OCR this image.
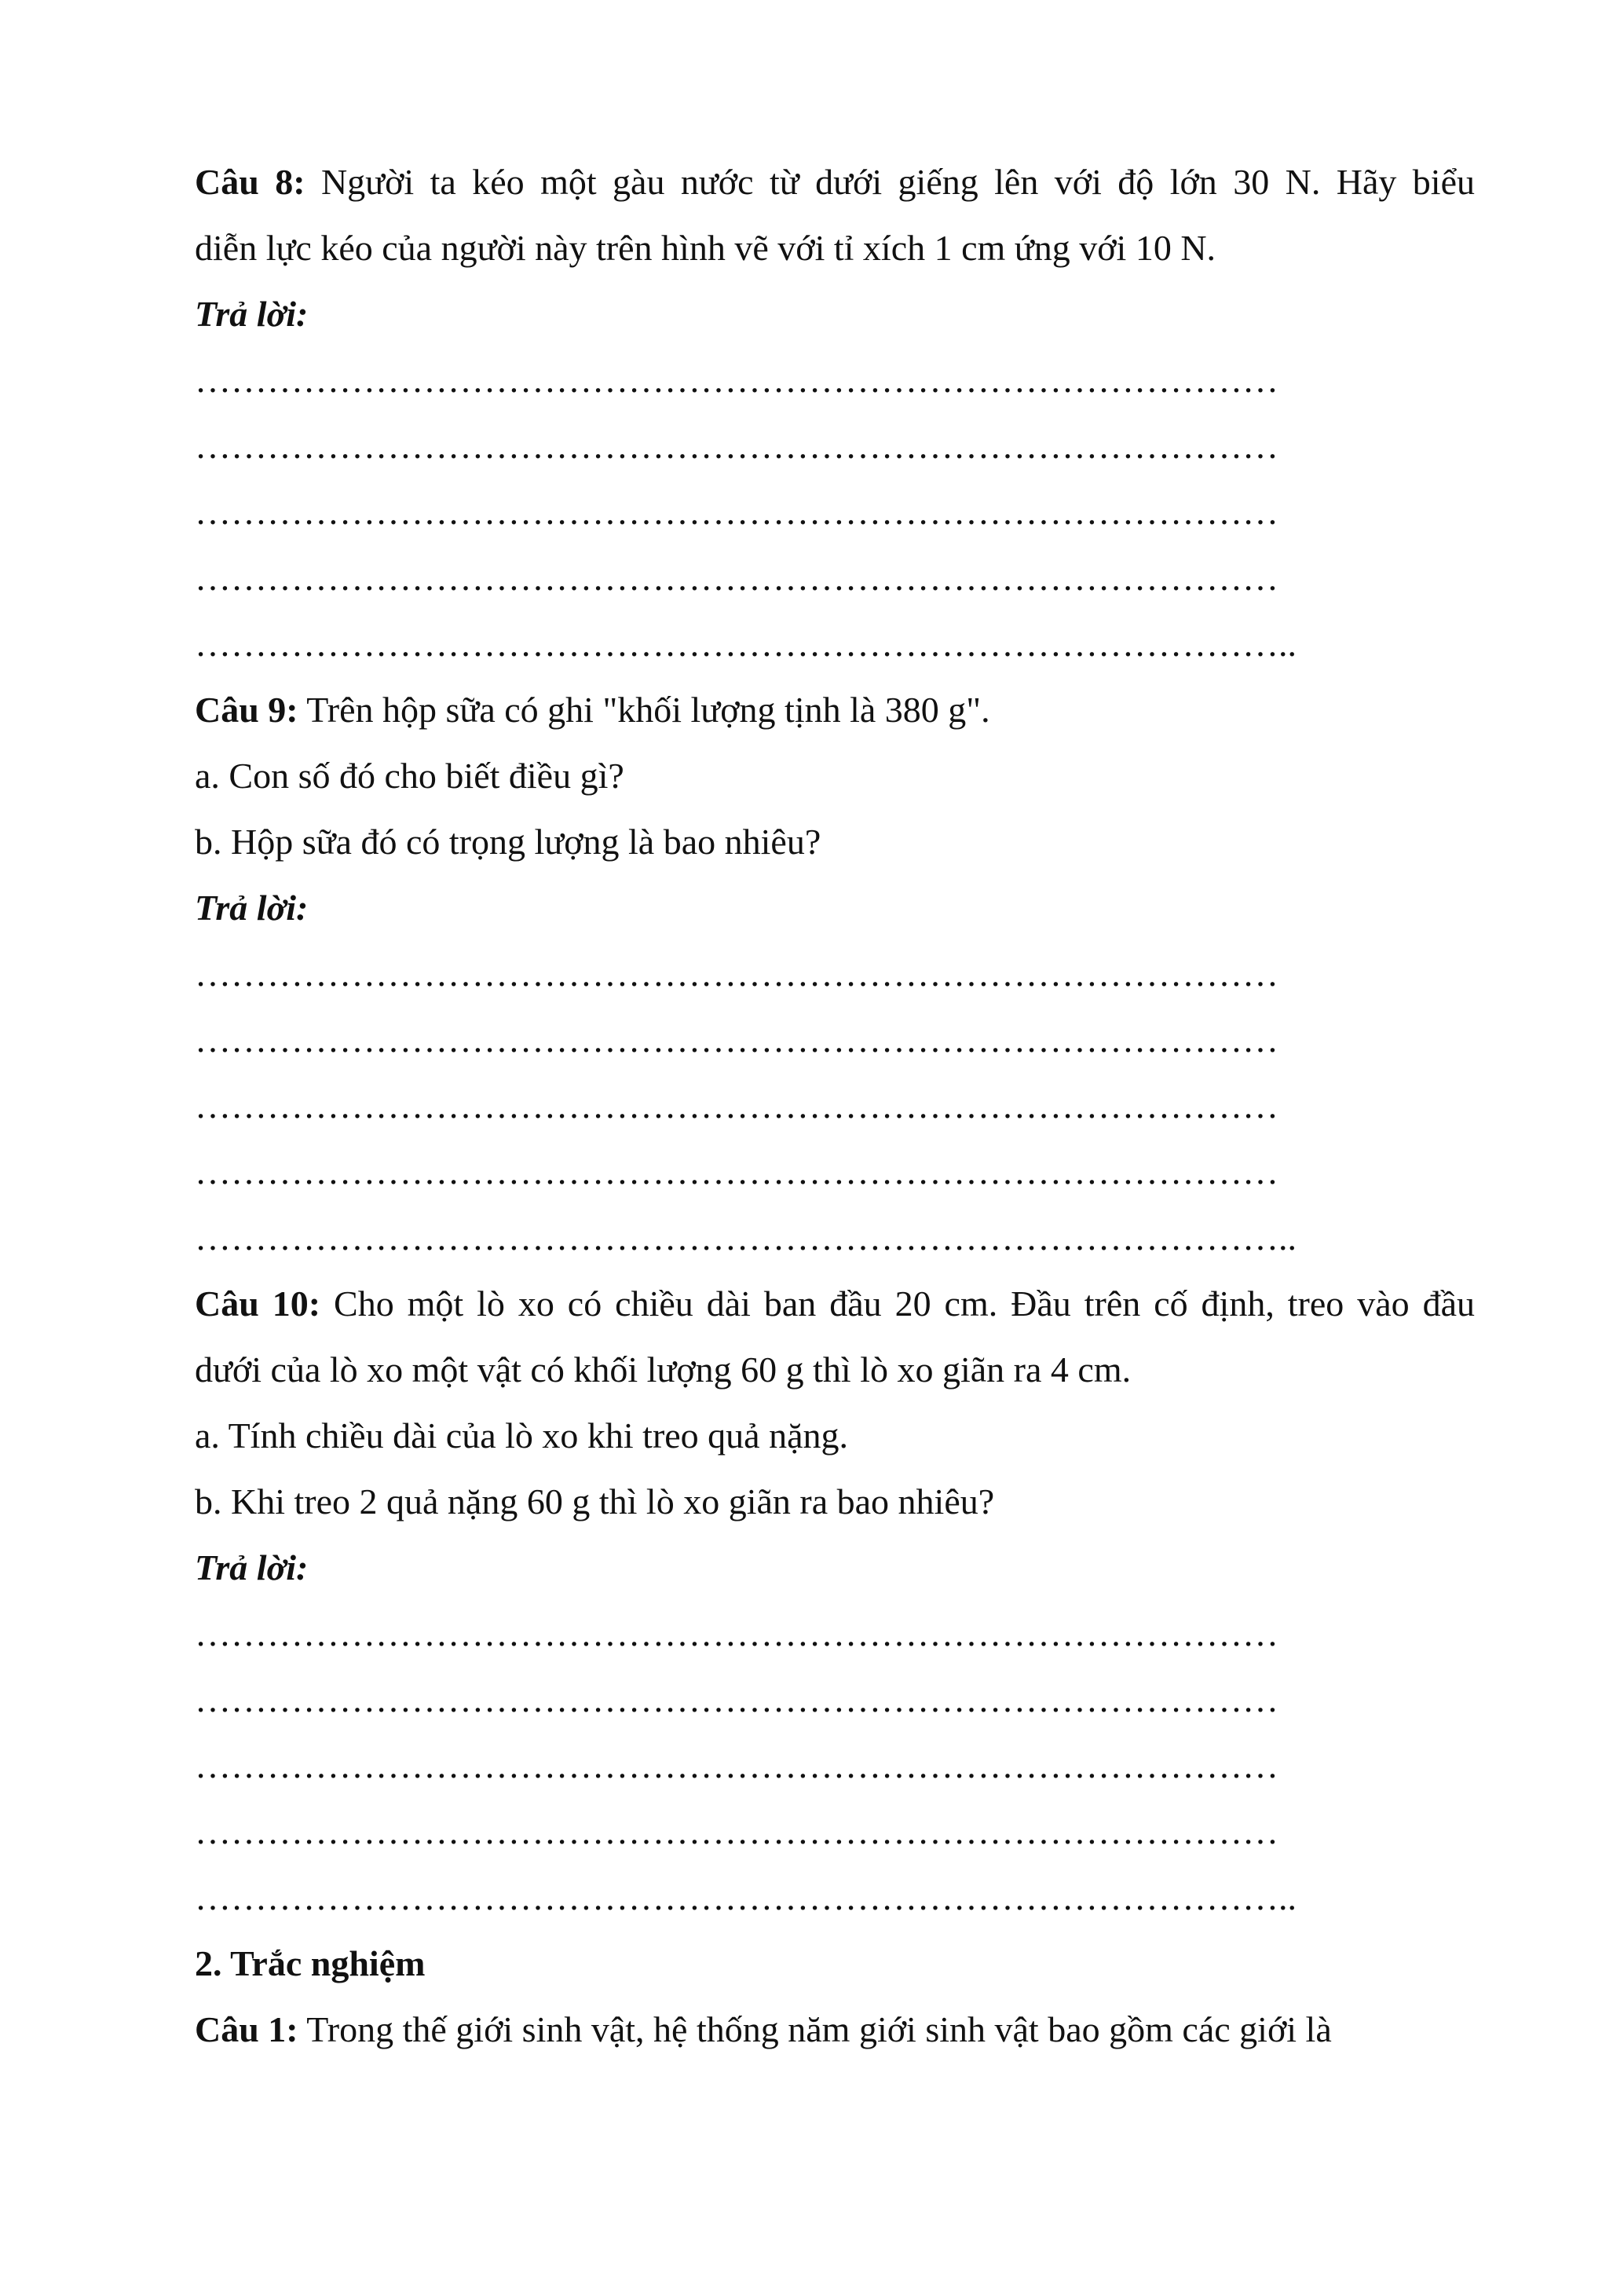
Câu 8: Người ta kéo một gàu nước từ dưới giếng lên với độ lớn 30 N. Hãy biểu
diễn lực kéo của người này trên hình vẽ với tỉ xích 1 cm ứng với 10 N.
Trả lời:
………………………………………………………………………………
………………………………………………………………………………
………………………………………………………………………………
………………………………………………………………………………
………………………………………………………………………………..
Câu 9: Trên hộp sữa có ghi "khối lượng tịnh là 380 g".
a. Con số đó cho biết điều gì?
b. Hộp sữa đó có trọng lượng là bao nhiêu?
Trả lời:
………………………………………………………………………………
………………………………………………………………………………
………………………………………………………………………………
………………………………………………………………………………
………………………………………………………………………………..
Câu 10: Cho một lò xo có chiều dài ban đầu 20 cm. Đầu trên cố định, treo vào đầu
dưới của lò xo một vật có khối lượng 60 g thì lò xo giãn ra 4 cm.
a. Tính chiều dài của lò xo khi treo quả nặng.
b. Khi treo 2 quả nặng 60 g thì lò xo giãn ra bao nhiêu?
Trả lời:
………………………………………………………………………………
………………………………………………………………………………
………………………………………………………………………………
………………………………………………………………………………
………………………………………………………………………………..
2. Trắc nghiệm
Câu 1: Trong thế giới sinh vật, hệ thống năm giới sinh vật bao gồm các giới là
